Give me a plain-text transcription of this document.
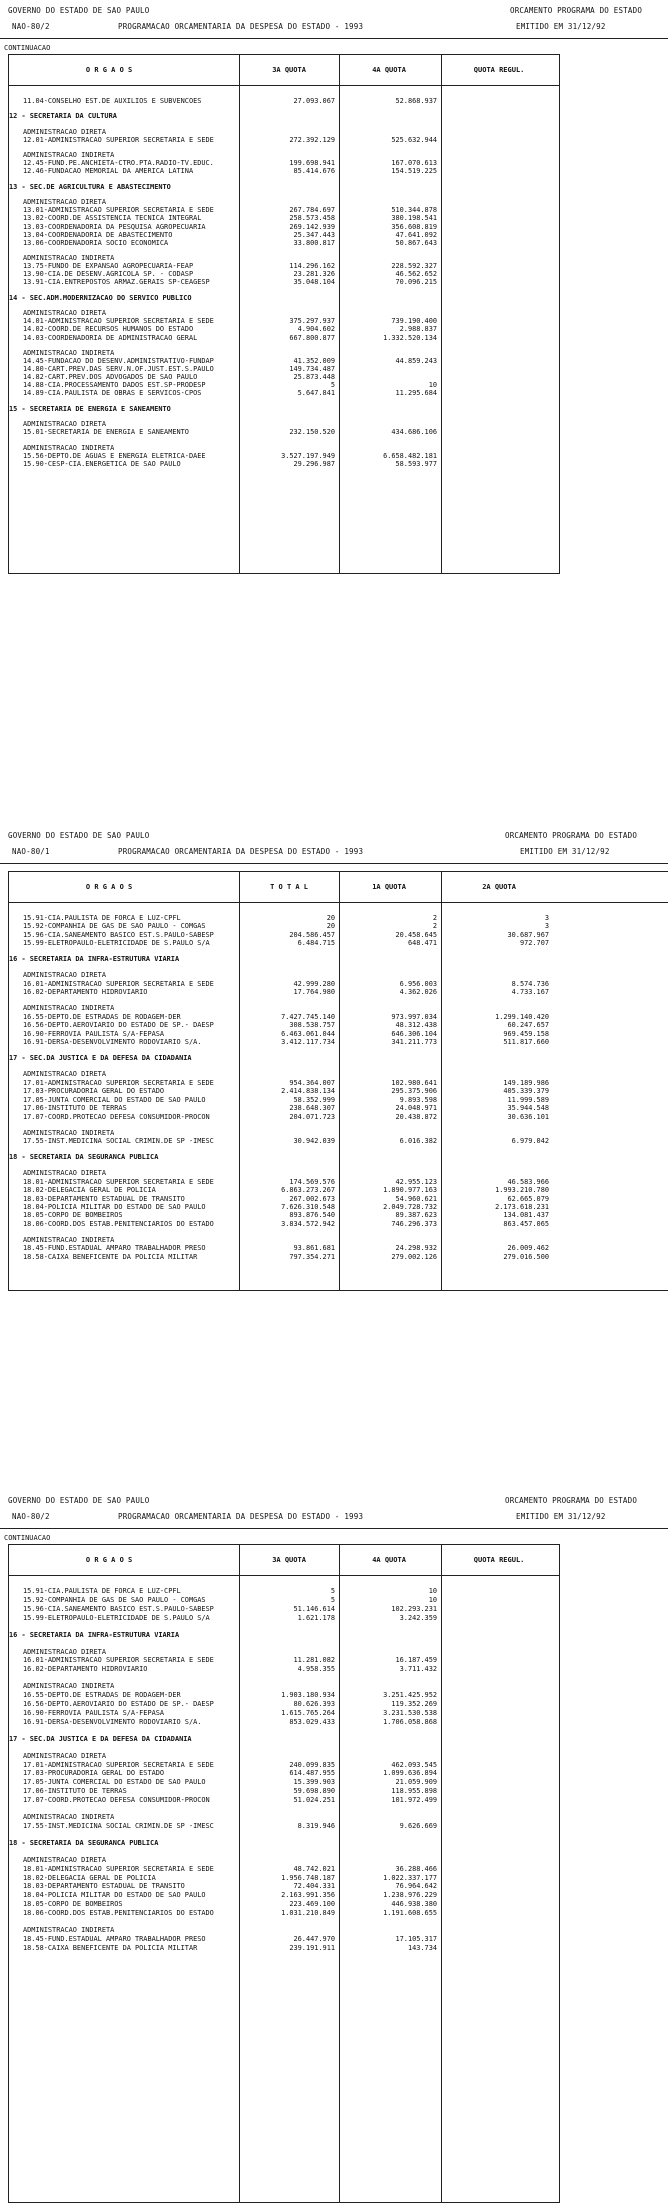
GOVERNO DO ESTADO DE SAO PAULO	ORCAMENTO PROGRAMA DO ESTADO
NAO-80/2	PROGRAMACAO ORCAMENTARIA DA DESPESA DO ESTADO - 1993	EMITIDO EM 31/12/92
CONTINUACAO
O R G A O S	3A QUOTA	4A QUOTA	QUOTA REGUL.
11.04-CONSELHO EST.DE AUXILIOS E SUBVENCOES	27.093.067	52.868.937
12 - SECRETARIA DA CULTURA
ADMINISTRACAO DIRETA
12.01-ADMINISTRACAO SUPERIOR SECRETARIA E SEDE	272.392.129	525.632.944
ADMINISTRACAO INDIRETA
12.45-FUND.PE.ANCHIETA-CTRO.PTA.RADIO-TV.EDUC.	199.698.941	167.070.613
12.46-FUNDACAO MEMORIAL DA AMERICA LATINA	85.414.676	154.519.225
13 - SEC.DE AGRICULTURA E ABASTECIMENTO
ADMINISTRACAO DIRETA
13.01-ADMINISTRACAO SUPERIOR SECRETARIA E SEDE	267.784.697	510.344.878
13.02-COORD.DE ASSISTENCIA TECNICA INTEGRAL	258.573.458	380.198.541
13.03-COORDENADORIA DA PESQUISA AGROPECUARIA	269.142.939	356.608.819
13.04-COORDENADORIA DE ABASTECIMENTO	25.347.443	47.641.092
13.06-COORDENADORIA SOCIO ECONOMICA	33.800.817	50.867.643
ADMINISTRACAO INDIRETA
13.75-FUNDO DE EXPANSAO AGROPECUARIA-FEAP	114.296.162	228.592.327
13.90-CIA.DE DESENV.AGRICOLA SP. - CODASP	23.281.326	46.562.652
13.91-CIA.ENTREPOSTOS ARMAZ.GERAIS SP-CEAGESP	35.048.104	70.096.215
14 - SEC.ADM.MODERNIZACAO DO SERVICO PUBLICO
ADMINISTRACAO DIRETA
14.01-ADMINISTRACAO SUPERIOR SECRETARIA E SEDE	375.297.937	739.190.400
14.02-COORD.DE RECURSOS HUMANOS DO ESTADO	4.904.602	2.988.837
14.03-COORDENADORIA DE ADMINISTRACAO GERAL	667.800.877	1.332.520.134
ADMINISTRACAO INDIRETA
14.45-FUNDACAO DO DESENV.ADMINISTRATIVO-FUNDAP	41.352.009	44.859.243
14.80-CART.PREV.DAS SERV.N.OF.JUST.EST.S.PAULO	149.734.487
14.82-CART.PREV.DOS ADVOGADOS DE SAO PAULO	25.873.448
14.88-CIA.PROCESSAMENTO DADOS EST.SP-PRODESP	5	10
14.89-CIA.PAULISTA DE OBRAS E SERVICOS-CPOS	5.647.841	11.295.684
15 - SECRETARIA DE ENERGIA E SANEAMENTO
ADMINISTRACAO DIRETA
15.01-SECRETARIA DE ENERGIA E SANEAMENTO	232.150.520	434.686.106
ADMINISTRACAO INDIRETA
15.56-DEPTO.DE AGUAS E ENERGIA ELETRICA-DAEE	3.527.197.949	6.658.482.181
15.90-CESP-CIA.ENERGETICA DE SAO PAULO	29.296.987	58.593.977
GOVERNO DO ESTADO DE SAO PAULO	ORCAMENTO PROGRAMA DO ESTADO
NAO-80/1	PROGRAMACAO ORCAMENTARIA DA DESPESA DO ESTADO - 1993	EMITIDO EM 31/12/92
O R G A O S	T O T A L	1A QUOTA	2A QUOTA
15.91-CIA.PAULISTA DE FORCA E LUZ-CPFL	20	2	3
15.92-COMPANHIA DE GAS DE SAO PAULO - COMGAS	20	2	3
15.96-CIA.SANEAMENTO BASICO EST.S.PAULO-SABESP	204.586.457	20.458.645	30.687.967
15.99-ELETROPAULO-ELETRICIDADE DE S.PAULO S/A	6.484.715	648.471	972.707
16 - SECRETARIA DA INFRA-ESTRUTURA VIARIA
ADMINISTRACAO DIRETA
16.01-ADMINISTRACAO SUPERIOR SECRETARIA E SEDE	42.999.280	6.956.003	8.574.736
16.02-DEPARTAMENTO HIDROVIARIO	17.764.980	4.362.026	4.733.167
ADMINISTRACAO INDIRETA
16.55-DEPTO.DE ESTRADAS DE RODAGEM-DER	7.427.745.140	973.997.034	1.299.140.420
16.56-DEPTO.AEROVIARIO DO ESTADO DE SP.- DAESP	308.538.757	48.312.438	60.247.657
16.90-FERROVIA PAULISTA S/A-FEPASA	6.463.061.044	646.306.104	969.459.158
16.91-DERSA-DESENVOLVIMENTO RODOVIARIO S/A.	3.412.117.734	341.211.773	511.817.660
17 - SEC.DA JUSTICA E DA DEFESA DA CIDADANIA
ADMINISTRACAO DIRETA
17.01-ADMINISTRACAO SUPERIOR SECRETARIA E SEDE	954.364.007	102.980.641	149.189.986
17.03-PROCURADORIA GERAL DO ESTADO	2.414.838.134	295.375.906	405.339.379
17.05-JUNTA COMERCIAL DO ESTADO DE SAO PAULO	58.352.999	9.893.598	11.999.589
17.06-INSTITUTO DE TERRAS	238.648.307	24.048.971	35.944.548
17.07-COORD.PROTECAO DEFESA CONSUMIDOR-PROCON	204.071.723	20.438.872	30.636.101
ADMINISTRACAO INDIRETA
17.55-INST.MEDICINA SOCIAL CRIMIN.DE SP -IMESC	30.942.039	6.016.382	6.979.042
18 - SECRETARIA DA SEGURANCA PUBLICA
ADMINISTRACAO DIRETA
18.01-ADMINISTRACAO SUPERIOR SECRETARIA E SEDE	174.569.576	42.955.123	46.583.966
18.02-DELEGACIA GERAL DE POLICIA	6.863.273.267	1.890.977.163	1.993.210.780
18.03-DEPARTAMENTO ESTADUAL DE TRANSITO	267.002.673	54.960.621	62.665.079
18.04-POLICIA MILITAR DO ESTADO DE SAO PAULO	7.626.310.548	2.049.728.732	2.173.618.231
18.05-CORPO DE BOMBEIROS	893.876.540	89.387.623	134.081.437
18.06-COORD.DOS ESTAB.PENITENCIARIOS DO ESTADO	3.834.572.942	746.296.373	863.457.065
ADMINISTRACAO INDIRETA
18.45-FUND.ESTADUAL AMPARO TRABALHADOR PRESO	93.861.681	24.298.932	26.009.462
18.58-CAIXA BENEFICENTE DA POLICIA MILITAR	797.354.271	279.002.126	279.016.500
GOVERNO DO ESTADO DE SAO PAULO	ORCAMENTO PROGRAMA DO ESTADO
NAO-80/2	PROGRAMACAO ORCAMENTARIA DA DESPESA DO ESTADO - 1993	EMITIDO EM 31/12/92
CONTINUACAO
O R G A O S	3A QUOTA	4A QUOTA	QUOTA REGUL.
15.91-CIA.PAULISTA DE FORCA E LUZ-CPFL	5	10
15.92-COMPANHIA DE GAS DE SAO PAULO - COMGAS	5	10
15.96-CIA.SANEAMENTO BASICO EST.S.PAULO-SABESP	51.146.614	102.293.231
15.99-ELETROPAULO-ELETRICIDADE DE S.PAULO S/A	1.621.178	3.242.359
16 - SECRETARIA DA INFRA-ESTRUTURA VIARIA
ADMINISTRACAO DIRETA
16.01-ADMINISTRACAO SUPERIOR SECRETARIA E SEDE	11.281.082	16.187.459
16.02-DEPARTAMENTO HIDROVIARIO	4.958.355	3.711.432
ADMINISTRACAO INDIRETA
16.55-DEPTO.DE ESTRADAS DE RODAGEM-DER	1.903.180.934	3.251.425.952
16.56-DEPTO.AEROVIARIO DO ESTADO DE SP.- DAESP	80.626.393	119.352.269
16.90-FERROVIA PAULISTA S/A-FEPASA	1.615.765.264	3.231.530.538
16.91-DERSA-DESENVOLVIMENTO RODOVIARIO S/A.	853.029.433	1.706.058.868
17 - SEC.DA JUSTICA E DA DEFESA DA CIDADANIA
ADMINISTRACAO DIRETA
17.01-ADMINISTRACAO SUPERIOR SECRETARIA E SEDE	240.099.835	462.093.545
17.03-PROCURADORIA GERAL DO ESTADO	614.487.955	1.099.636.894
17.05-JUNTA COMERCIAL DO ESTADO DE SAO PAULO	15.399.903	21.059.909
17.06-INSTITUTO DE TERRAS	59.698.890	118.955.898
17.07-COORD.PROTECAO DEFESA CONSUMIDOR-PROCON	51.024.251	101.972.499
ADMINISTRACAO INDIRETA
17.55-INST.MEDICINA SOCIAL CRIMIN.DE SP -IMESC	8.319.946	9.626.669
18 - SECRETARIA DA SEGURANCA PUBLICA
ADMINISTRACAO DIRETA
18.01-ADMINISTRACAO SUPERIOR SECRETARIA E SEDE	48.742.021	36.288.466
18.02-DELEGACIA GERAL DE POLICIA	1.956.748.187	1.022.337.177
18.03-DEPARTAMENTO ESTADUAL DE TRANSITO	72.404.331	76.964.642
18.04-POLICIA MILITAR DO ESTADO DE SAO PAULO	2.163.991.356	1.238.976.229
18.05-CORPO DE BOMBEIROS	223.469.100	446.938.380
18.06-COORD.DOS ESTAB.PENITENCIARIOS DO ESTADO	1.031.210.849	1.191.608.655
ADMINISTRACAO INDIRETA
18.45-FUND.ESTADUAL AMPARO TRABALHADOR PRESO	26.447.970	17.105.317
18.58-CAIXA BENEFICENTE DA POLICIA MILITAR	239.191.911	143.734
